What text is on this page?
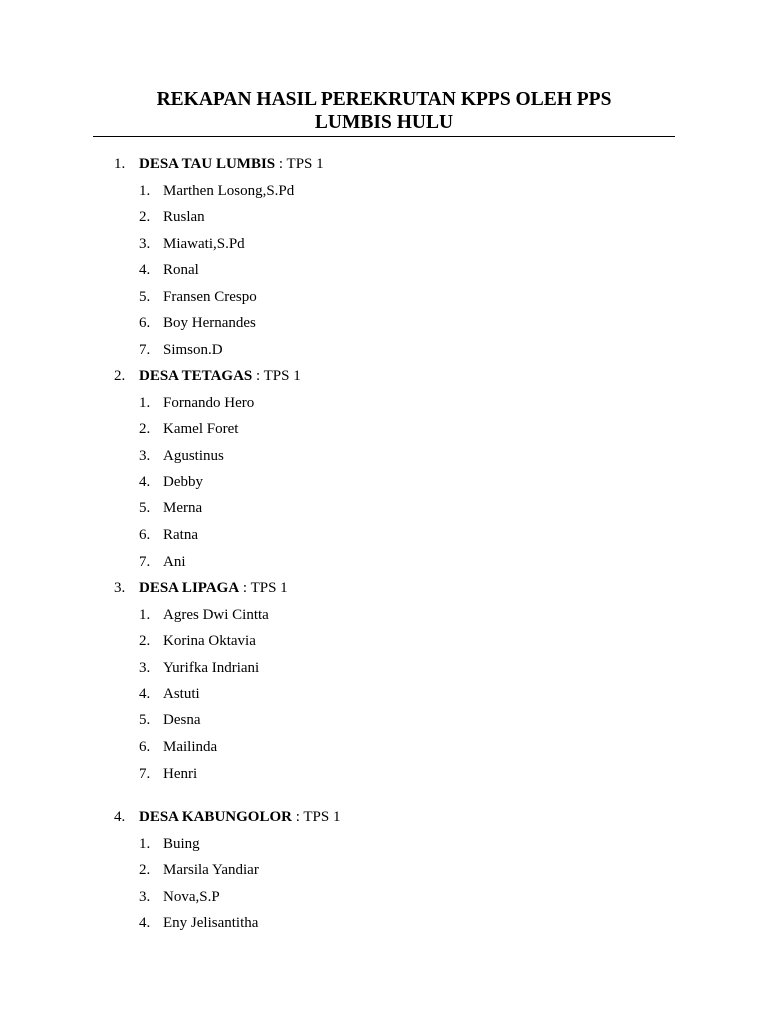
REKAPAN HASIL PEREKRUTAN KPPS OLEH PPS
LUMBIS HULU
1. DESA TAU LUMBIS : TPS 1
1. Marthen Losong,S.Pd
2. Ruslan
3. Miawati,S.Pd
4. Ronal
5. Fransen Crespo
6. Boy Hernandes
7. Simson.D
2. DESA TETAGAS : TPS 1
1. Fornando Hero
2. Kamel Foret
3. Agustinus
4. Debby
5. Merna
6. Ratna
7. Ani
3. DESA LIPAGA : TPS 1
1. Agres Dwi Cintta
2. Korina Oktavia
3. Yurifka Indriani
4. Astuti
5. Desna
6. Mailinda
7. Henri
4. DESA KABUNGOLOR : TPS 1
1. Buing
2. Marsila Yandiar
3. Nova,S.P
4. Eny Jelisantitha
